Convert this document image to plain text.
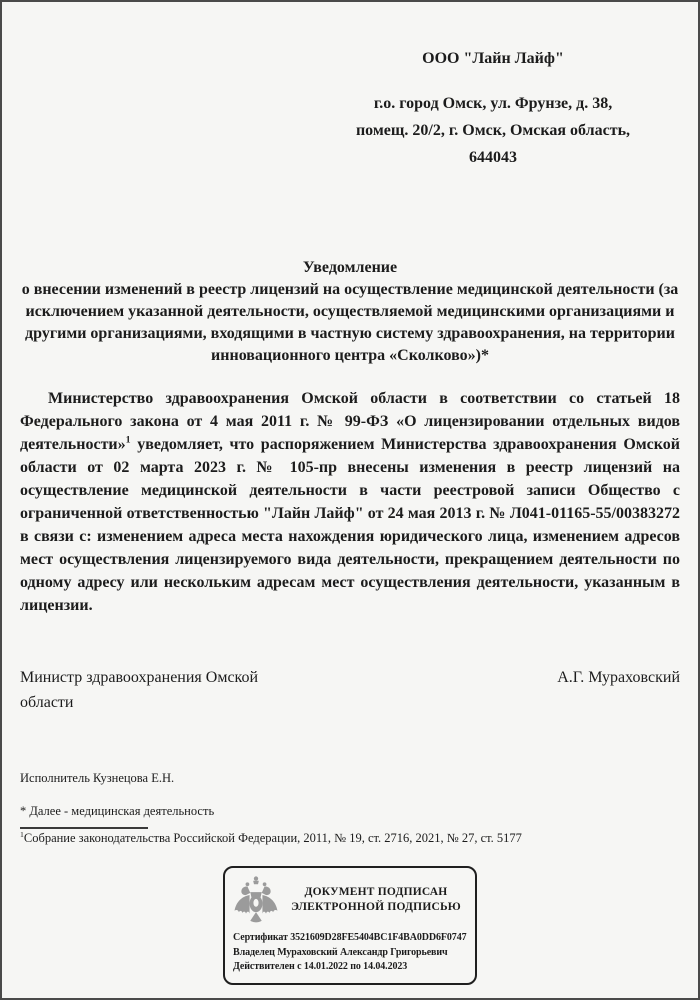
ООО "Лайн Лайф"
г.о. город Омск, ул. Фрунзе, д. 38,
помещ. 20/2, г. Омск, Омская область,
644043
Уведомление
о внесении изменений в реестр лицензий на осуществление медицинской деятельности (за исключением указанной деятельности, осуществляемой медицинскими организациями и другими организациями, входящими в частную систему здравоохранения, на территории инновационного центра «Сколково»)*

Министерство здравоохранения Омской области в соответствии со статьей 18 Федерального закона от 4 мая 2011 г. № 99-ФЗ «О лицензировании отдельных видов деятельности»$^1$ уведомляет, что распоряжением Министерства здравоохранения Омской области от 02 марта 2023 г. № 105-пр внесены изменения в реестр лицензий на осуществление медицинской деятельности в части реестровой записи Общество с ограниченной ответственностью "Лайн Лайф" от 24 мая 2013 г. № Л041-01165-55/00383272 в связи с: изменением адреса места нахождения юридического лица, изменением адресов мест осуществления лицензируемого вида деятельности, прекращением деятельности по одному адресу или нескольким адресам мест осуществления деятельности, указанным в лицензии.

Министр здравоохранения Омской области
А.Г. Мураховский
Исполнитель Кузнецова Е.Н.
* Далее - медицинская деятельность
$^1$Собрание законодательства Российской Федерации, 2011, № 19, ст. 2716, 2021, № 27, ст. 5177
ДОКУМЕНТ ПОДПИСАН
ЭЛЕКТРОННОЙ ПОДПИСЬЮ
Сертификат 3521609D28FE5404BC1F4BA0DD6F0747
Владелец Мураховский Александр Григорьевич
Действителен с 14.01.2022 по 14.04.2023
